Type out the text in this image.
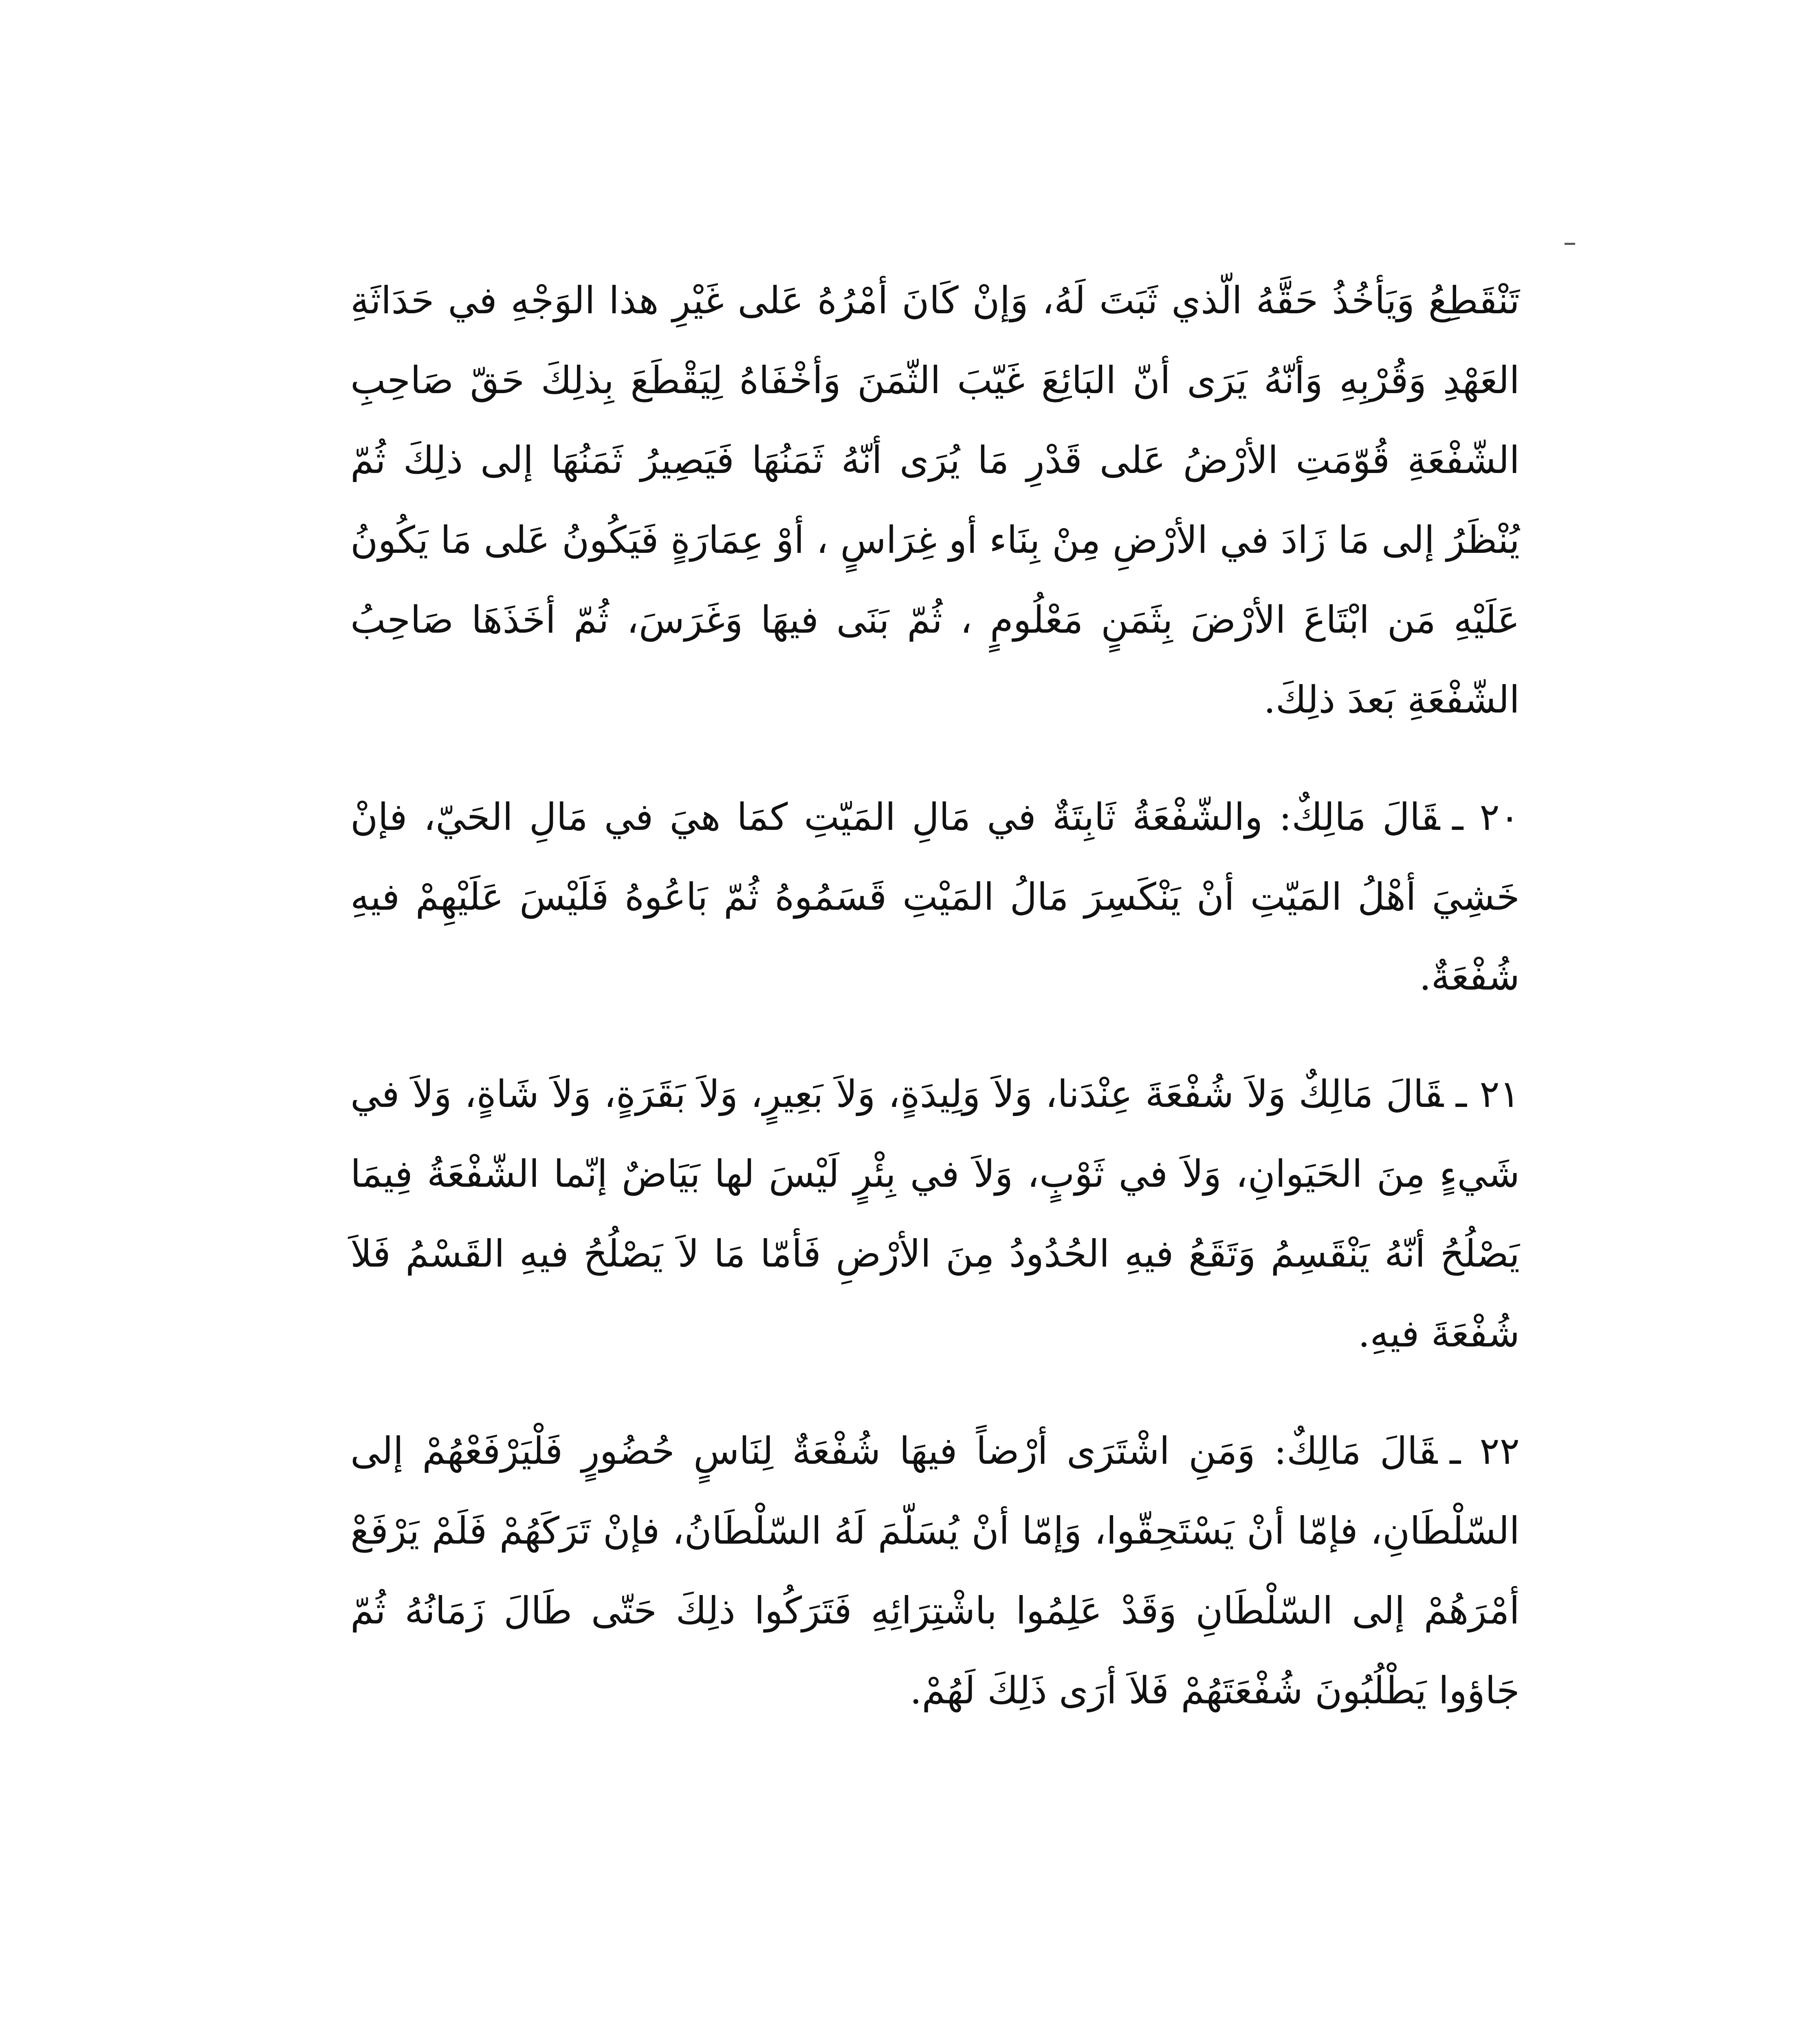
تَنْقَطِعُ وَيَأخُذُ حَقَّهُ الّذي ثَبَتَ لَهُ، وَإنْ كَانَ أمْرُهُ عَلى غَيْرِ هذا الوَجْهِ في حَدَاثَةِ العَهْدِ وَقُرْبِهِ وَأنّهُ يَرَى أنّ البَائِعَ غَيّبَ الثّمَنَ وَأخْفَاهُ لِيَقْطَعَ بِذلِكَ حَقّ صَاحِبِ الشّفْعَةِ قُوّمَتِ الأرْضُ عَلى قَدْرِ مَا يُرَى أنّهُ ثَمَنُهَا فَيَصِيرُ ثَمَنُهَا إلى ذلِكَ ثُمّ يُنْظَرُ إلى مَا زَادَ في الأرْضِ مِنْ بِنَاء أو غِرَاسٍ ، أوْ عِمَارَةٍ فَيَكُونُ عَلى مَا يَكُونُ عَلَيْهِ مَن ابْتَاعَ الأرْضَ بِثَمَنٍ مَعْلُومٍ ، ثُمّ بَنَى فيهَا وَغَرَسَ، ثُمّ أخَذَهَا صَاحِبُ الشّفْعَةِ بَعدَ ذلِكَ.

٢٠ ـقَالَ مَالِكٌ: والشّفْعَةُ ثَابِتَةٌ في مَالِ المَيّتِ كمَا هيَ في مَالِ الحَيّ، فإنْ خَشِيَ أهْلُ المَيّتِ أنْ يَنْكَسِرَ مَالُ المَيْتِ قَسَمُوهُ ثُمّ بَاعُوهُ فَلَيْسَ عَلَيْهِمْ فيهِ شُفْعَةٌ.

٢١ ـقَالَ مَالِكٌ وَلاَ شُفْعَةَ عِنْدَنا، وَلاَ وَلِيدَةٍ، وَلاَ بَعِيرٍ، وَلاَ بَقَرَةٍ، وَلاَ شَاةٍ، وَلاَ في شَيءٍ مِنَ الحَيَوانِ، وَلاَ في ثَوْبٍ، وَلاَ في بِئْرٍ لَيْسَ لها بَيَاضٌ إنّما الشّفْعَةُ فِيمَا يَصْلُحُ أنّهُ يَنْقَسِمُ وَتَقَعُ فيهِ الحُدُودُ مِنَ الأرْضِ فَأمّا مَا لاَ يَصْلُحُ فيهِ القَسْمُ فَلاَ شُفْعَةَ فيهِ.

٢٢ ـقَالَ مَالِكٌ: وَمَنِ اشْتَرَى أرْضاً فيهَا شُفْعَةٌ لِنَاسٍ حُضُورٍ فَلْيَرْفَعْهُمْ إلى السّلْطَانِ، فإمّا أنْ يَسْتَحِقّوا، وَإمّا أنْ يُسَلّمَ لَهُ السّلْطَانُ، فإنْ تَرَكَهُمْ فَلَمْ يَرْفَعْ أمْرَهُمْ إلى السّلْطَانِ وَقَدْ عَلِمُوا باشْتِرَائِهِ فَتَرَكُوا ذلِكَ حَتّى طَالَ زَمَانُهُ ثُمّ جَاؤوا يَطْلُبُونَ شُفْعَتَهُمْ فَلاَ أرَى ذَلِكَ لَهُمْ.
